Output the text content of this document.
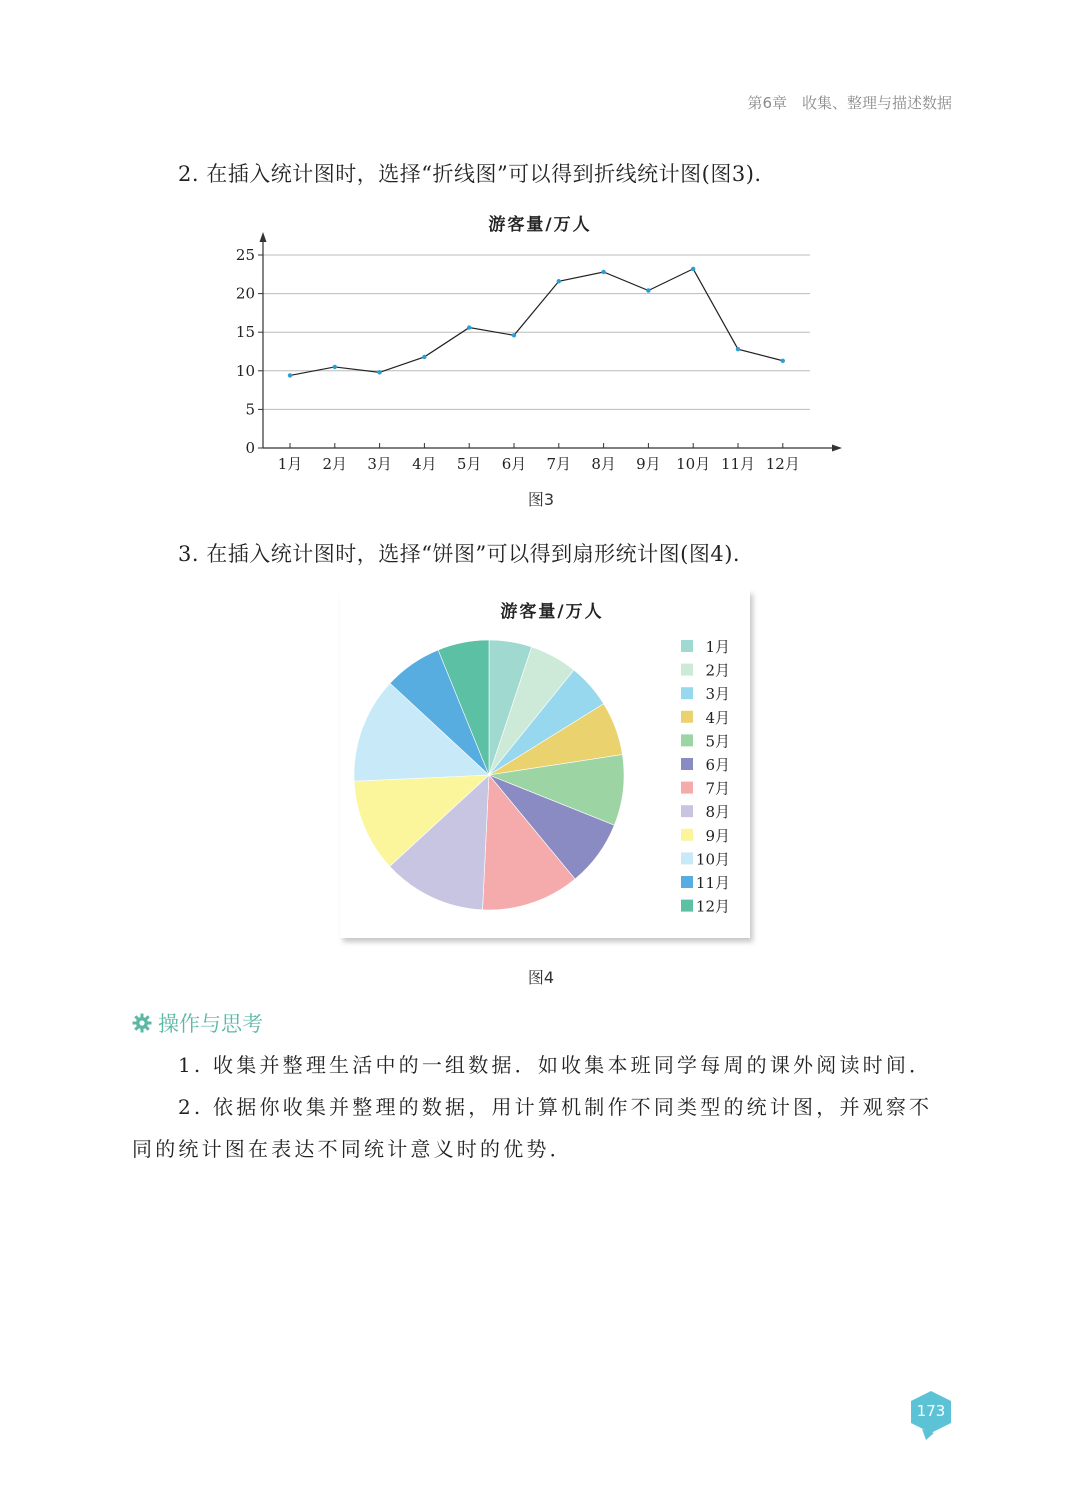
第6章　收集、整理与描述数据
2. 在插入统计图时，选择“折线图”可以得到折线统计图(图3).
游客量/万人
0
5
10
15
20
25
1月 2月 3月 4月 5月 6月 7月 8月 9月 10月 11月 12月
图3
3. 在插入统计图时，选择“饼图”可以得到扇形统计图(图4).
游客量/万人
1月
2月
3月
4月
5月
6月
7月
8月
9月
10月
11月
12月
图4
操作与思考
1. 收集并整理生活中的一组数据．如收集本班同学每周的课外阅读时间．
2. 依据你收集并整理的数据，用计算机制作不同类型的统计图，并观察不
同的统计图在表达不同统计意义时的优势．
173
